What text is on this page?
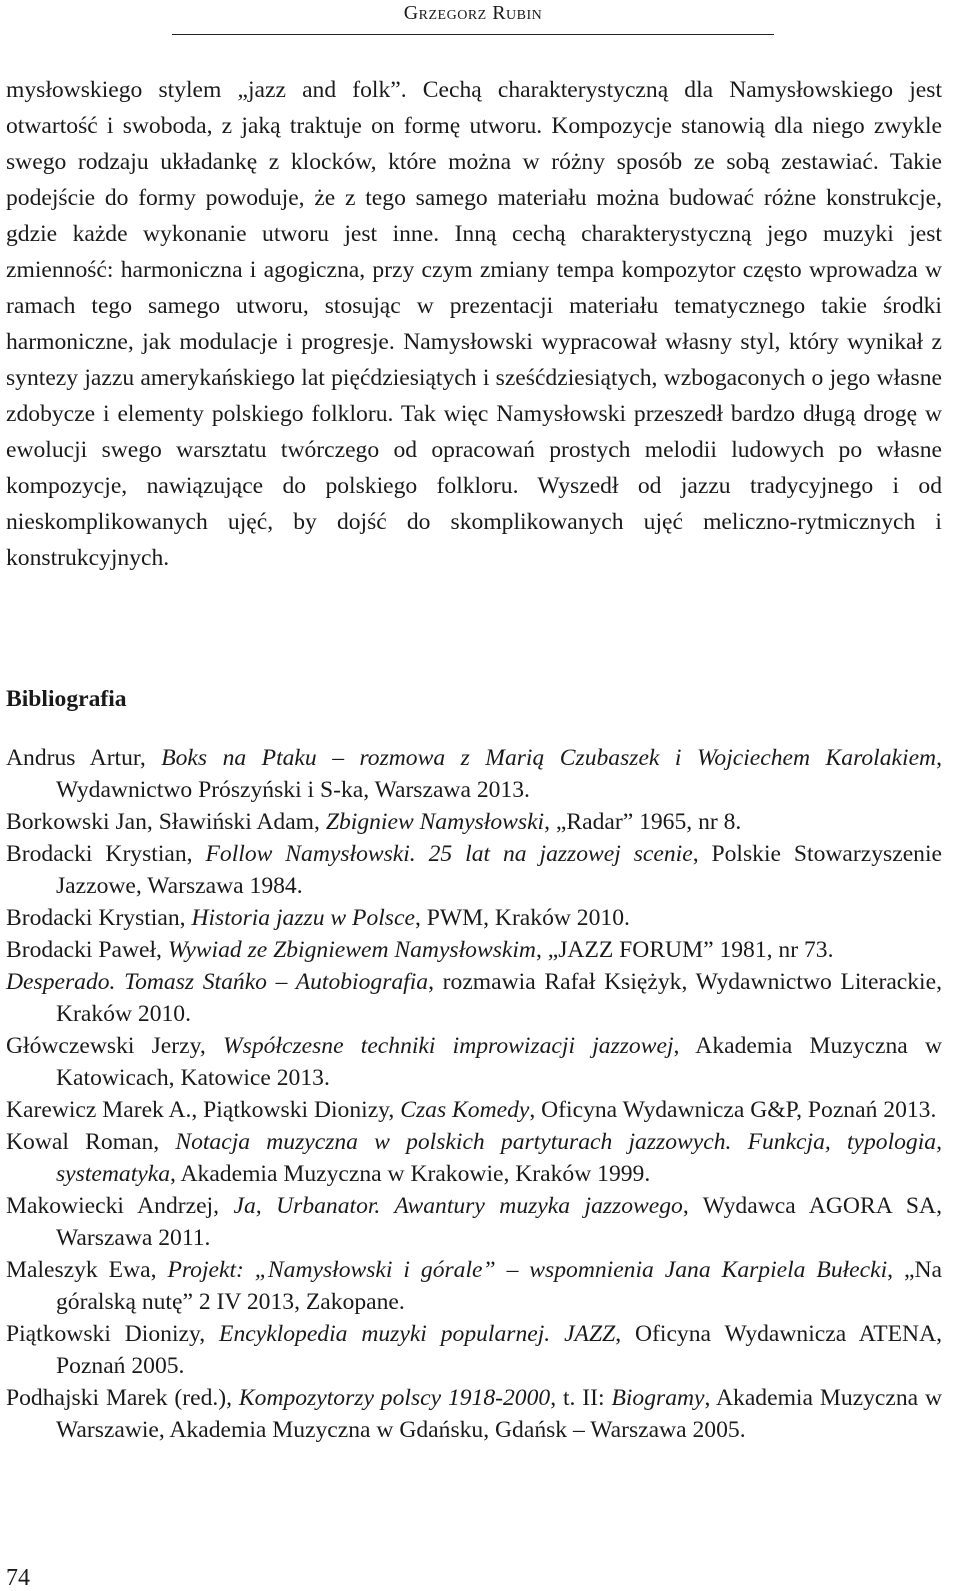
Grzegorz Rubin

mysłowskiego stylem „jazz and folk”. Cechą charakterystyczną dla Namysłowskiego jest otwartość i swoboda, z jaką traktuje on formę utworu. Kompozycje stanowią dla niego zwykle swego rodzaju układankę z klocków, które można w różny sposób ze sobą zestawiać. Takie podejście do formy powoduje, że z tego samego materiału można budować różne konstrukcje, gdzie każde wykonanie utworu jest inne. Inną cechą charakterystyczną jego muzyki jest zmienność: harmoniczna i agogiczna, przy czym zmiany tempa kompozytor często wprowadza w ramach tego samego utworu, stosując w prezentacji materiału tematycznego takie środki harmoniczne, jak modulacje i progresje. Namysłowski wypracował własny styl, który wynikał z syntezy jazzu amerykańskiego lat pięćdziesiątych i sześćdziesiątych, wzbogaconych o jego własne zdobycze i elementy polskiego folkloru. Tak więc Namysłowski przeszedł bardzo długą drogę w ewolucji swego warsztatu twórczego od opracowań prostych melodii ludowych po własne kompozycje, nawiązujące do polskiego folkloru. Wyszedł od jazzu tradycyjnego i od nieskomplikowanych ujęć, by dojść do skomplikowanych ujęć meliczno-rytmicznych i konstrukcyjnych.

Bibliografia
Andrus Artur, Boks na Ptaku – rozmowa z Marią Czubaszek i Wojciechem Karolakiem, Wydawnictwo Prószyński i S-ka, Warszawa 2013.
Borkowski Jan, Sławiński Adam, Zbigniew Namysłowski, „Radar” 1965, nr 8.
Brodacki Krystian, Follow Namysłowski. 25 lat na jazzowej scenie, Polskie Stowarzyszenie Jazzowe, Warszawa 1984.
Brodacki Krystian, Historia jazzu w Polsce, PWM, Kraków 2010.
Brodacki Paweł, Wywiad ze Zbigniewem Namysłowskim, „JAZZ FORUM” 1981, nr 73.
Desperado. Tomasz Stańko – Autobiografia, rozmawia Rafał Księżyk, Wydawnictwo Literackie, Kraków 2010.
Główczewski Jerzy, Współczesne techniki improwizacji jazzowej, Akademia Muzyczna w Katowicach, Katowice 2013.
Karewicz Marek A., Piątkowski Dionizy, Czas Komedy, Oficyna Wydawnicza G&P, Poznań 2013.
Kowal Roman, Notacja muzyczna w polskich partyturach jazzowych. Funkcja, typologia, systematyka, Akademia Muzyczna w Krakowie, Kraków 1999.
Makowiecki Andrzej, Ja, Urbanator. Awantury muzyka jazzowego, Wydawca AGORA SA, Warszawa 2011.
Maleszyk Ewa, Projekt: „Namysłowski i górale” – wspomnienia Jana Karpiela Bułecki, „Na góralską nutę” 2 IV 2013, Zakopane.
Piątkowski Dionizy, Encyklopedia muzyki popularnej. JAZZ, Oficyna Wydawnicza ATENA, Poznań 2005.
Podhajski Marek (red.), Kompozytorzy polscy 1918-2000, t. II: Biogramy, Akademia Muzyczna w Warszawie, Akademia Muzyczna w Gdańsku, Gdańsk – Warszawa 2005.
74
